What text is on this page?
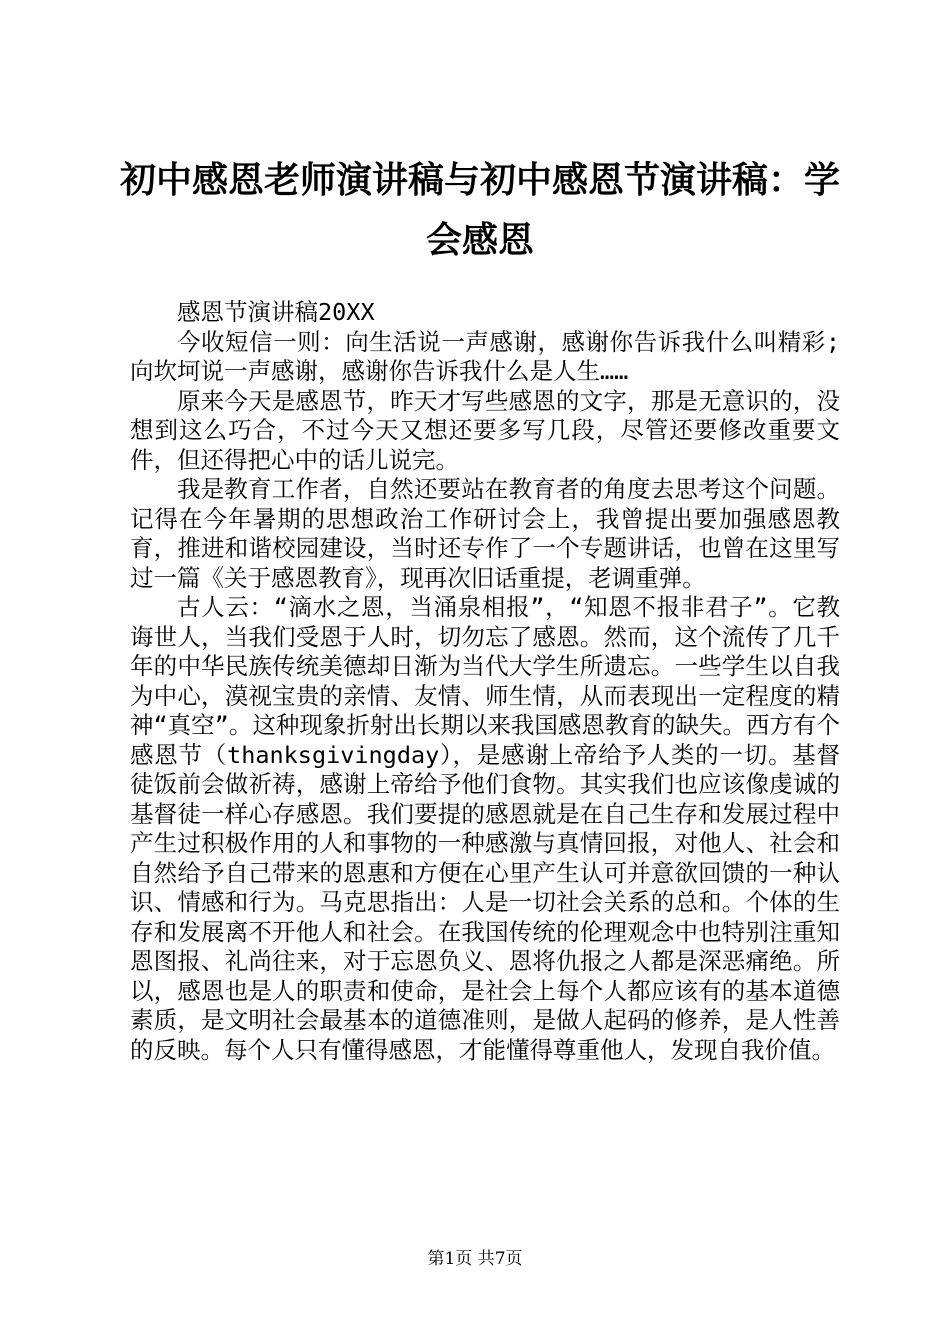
初中感恩老师演讲稿与初中感恩节演讲稿：学会感恩

感恩节演讲稿20XX

今收短信一则：向生活说一声感谢，感谢你告诉我什么叫精彩;向坎坷说一声感谢，感谢你告诉我什么是人生……

原来今天是感恩节，昨天才写些感恩的文字，那是无意识的，没想到这么巧合，不过今天又想还要多写几段，尽管还要修改重要文件，但还得把心中的话儿说完。

我是教育工作者，自然还要站在教育者的角度去思考这个问题。记得在今年暑期的思想政治工作研讨会上，我曾提出要加强感恩教育，推进和谐校园建设，当时还专作了一个专题讲话，也曾在这里写过一篇《关于感恩教育》，现再次旧话重提，老调重弹。

古人云：“滴水之恩，当涌泉相报”，“知恩不报非君子”。它教诲世人，当我们受恩于人时，切勿忘了感恩。然而，这个流传了几千年的中华民族传统美德却日渐为当代大学生所遗忘。一些学生以自我为中心，漠视宝贵的亲情、友情、师生情，从而表现出一定程度的精神“真空”。这种现象折射出长期以来我国感恩教育的缺失。西方有个感恩节（thanksgivingday），是感谢上帝给予人类的一切。基督徒饭前会做祈祷，感谢上帝给予他们食物。其实我们也应该像虔诚的基督徒一样心存感恩。我们要提的感恩就是在自己生存和发展过程中产生过积极作用的人和事物的一种感激与真情回报，对他人、社会和自然给予自己带来的恩惠和方便在心里产生认可并意欲回馈的一种认识、情感和行为。马克思指出：人是一切社会关系的总和。个体的生存和发展离不开他人和社会。在我国传统的伦理观念中也特别注重知恩图报、礼尚往来，对于忘恩负义、恩将仇报之人都是深恶痛绝。所以，感恩也是人的职责和使命，是社会上每个人都应该有的基本道德素质，是文明社会最基本的道德准则，是做人起码的修养，是人性善的反映。每个人只有懂得感恩，才能懂得尊重他人，发现自我价值。

第1页 共7页
